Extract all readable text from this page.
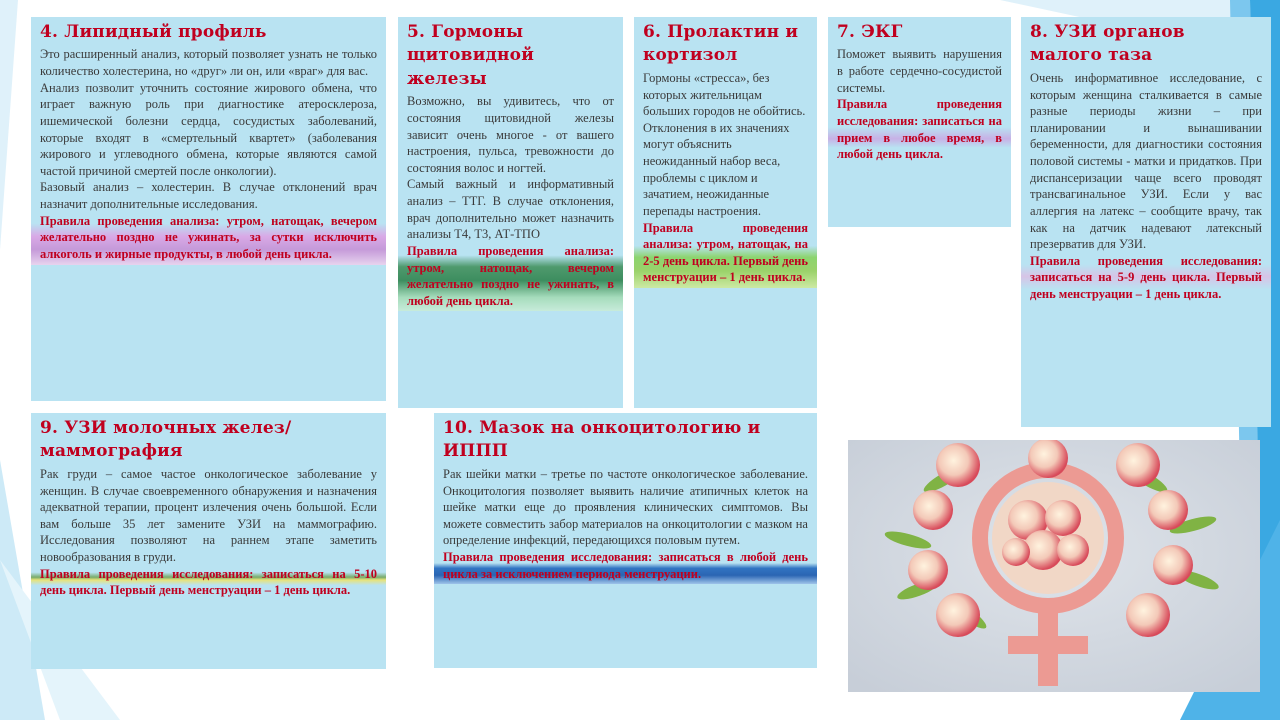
4. Липидный профиль

Это расширенный анализ, который позволяет узнать не только количество холестерина, но «друг» ли он, или «враг» для вас.

Анализ позволит уточнить состояние жирового обмена, что играет важную роль при диагностике атеросклероза, ишемической болезни сердца, сосудистых заболеваний, которые входят в «смертельный квартет» (заболевания жирового и углеводного обмена, которые являются самой частой причиной смертей после онкологии).

Базовый анализ – холестерин. В случае отклонений врач назначит дополнительные исследования.

Правила проведения анализа: утром, натощак, вечером желательно поздно не ужинать, за сутки исключить алкоголь и жирные продукты, в любой день цикла.

5. Гормоны щитовидной железы

Возможно, вы удивитесь, что от состояния щитовидной железы зависит очень многое - от вашего настроения, пульса, тревожности до состояния волос и ногтей.

Самый важный и информативный анализ – ТТГ. В случае отклонения, врач дополнительно может назначить анализы Т4, Т3, АТ-ТПО

Правила проведения анализа: утром, натощак, вечером желательно поздно не ужинать, в любой день цикла.

6. Пролактин и кортизол

Гормоны «стресса», без которых жительницам больших городов не обойтись. Отклонения в их значениях могут объяснить неожиданный набор веса, проблемы с циклом и зачатием, неожиданные перепады настроения.

Правила проведения анализа: утром, натощак, на 2-5 день цикла. Первый день менструации – 1 день цикла.

7. ЭКГ

Поможет выявить нарушения в работе сердечно-сосудистой системы.

Правила проведения исследования: записаться на прием в любое время, в любой день цикла.

8. УЗИ органов малого таза

Очень информативное исследование, с которым женщина сталкивается в самые разные периоды жизни – при планировании и вынашивании беременности, для диагностики состояния половой системы - матки и придатков. При диспансеризации чаще всего проводят трансвагинальное УЗИ. Если у вас аллергия на латекс – сообщите врачу, так как на датчик надевают латексный презерватив для УЗИ.

Правила проведения исследования: записаться на 5-9 день цикла. Первый день менструации – 1 день цикла.

9. УЗИ молочных желез/маммография

Рак груди – самое частое онкологическое заболевание у женщин. В случае своевременного обнаружения и назначения адекватной терапии, процент излечения очень большой. Если вам больше 35 лет замените УЗИ на маммографию. Исследования позволяют на раннем этапе заметить новообразования в груди.

Правила проведения исследования: записаться на 5-10 день цикла. Первый день менструации – 1 день цикла.

10. Мазок на онкоцитологию и ИППП

Рак шейки матки – третье по частоте онкологическое заболевание. Онкоцитология позволяет выявить наличие атипичных клеток на шейке матки еще до проявления клинических симптомов. Вы можете совместить забор материалов на онкоцитологии с мазком на определение инфекций, передающихся половым путем.

Правила проведения исследования: записаться в любой день цикла за исключением периода менструации.
